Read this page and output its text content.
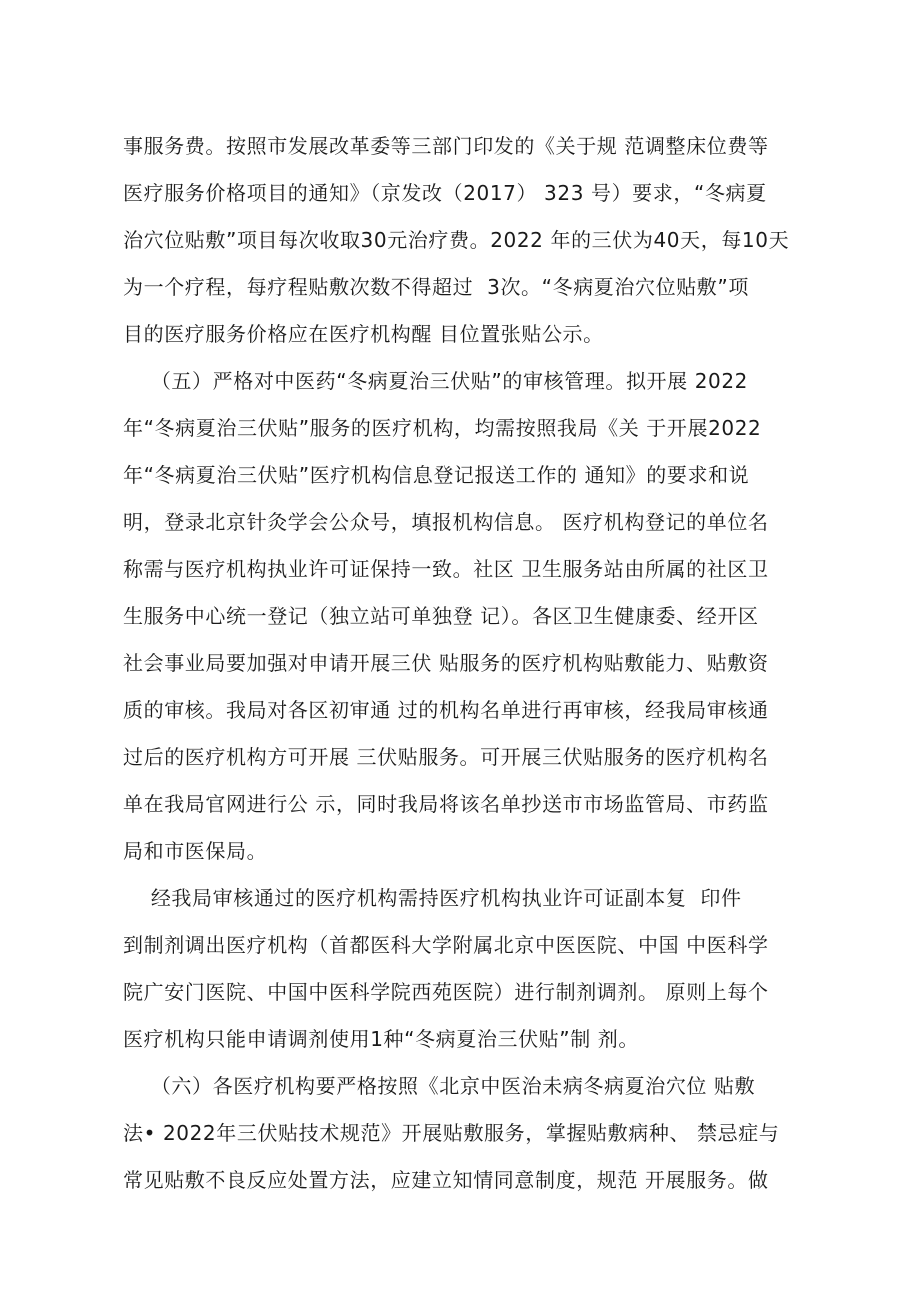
事服务费。按照市发展改革委等三部门印发的《关于规 范调整床位费等
医疗服务价格项目的通知》（京发改（2017） 323 号）要求，“冬病夏
治穴位贴敷”项目每次收取30元治疗费。2022 年的三伏为40天，每10天
为一个疗程，每疗程贴敷次数不得超过  3次。“冬病夏治穴位贴敷”项
目的医疗服务价格应在医疗机构醒 目位置张贴公示。
（五）严格对中医药“冬病夏治三伏贴”的审核管理。拟开展 2022
年“冬病夏治三伏贴”服务的医疗机构，均需按照我局《关 于开展2022
年“冬病夏治三伏贴”医疗机构信息登记报送工作的 通知》的要求和说
明，登录北京针灸学会公众号，填报机构信息。 医疗机构登记的单位名
称需与医疗机构执业许可证保持一致。社区 卫生服务站由所属的社区卫
生服务中心统一登记（独立站可单独登 记）。各区卫生健康委、经开区
社会事业局要加强对申请开展三伏 贴服务的医疗机构贴敷能力、贴敷资
质的审核。我局对各区初审通 过的机构名单进行再审核，经我局审核通
过后的医疗机构方可开展 三伏贴服务。可开展三伏贴服务的医疗机构名
单在我局官网进行公 示，同时我局将该名单抄送市市场监管局、市药监
局和市医保局。
经我局审核通过的医疗机构需持医疗机构执业许可证副本复  印件
到制剂调出医疗机构（首都医科大学附属北京中医医院、中国 中医科学
院广安门医院、中国中医科学院西苑医院）进行制剂调剂。 原则上每个
医疗机构只能申请调剂使用1种“冬病夏治三伏贴”制 剂。
（六）各医疗机构要严格按照《北京中医治未病冬病夏治穴位 贴敷
法• 2022年三伏贴技术规范》开展贴敷服务，掌握贴敷病种、 禁忌症与
常见贴敷不良反应处置方法，应建立知情同意制度，规范 开展服务。做
